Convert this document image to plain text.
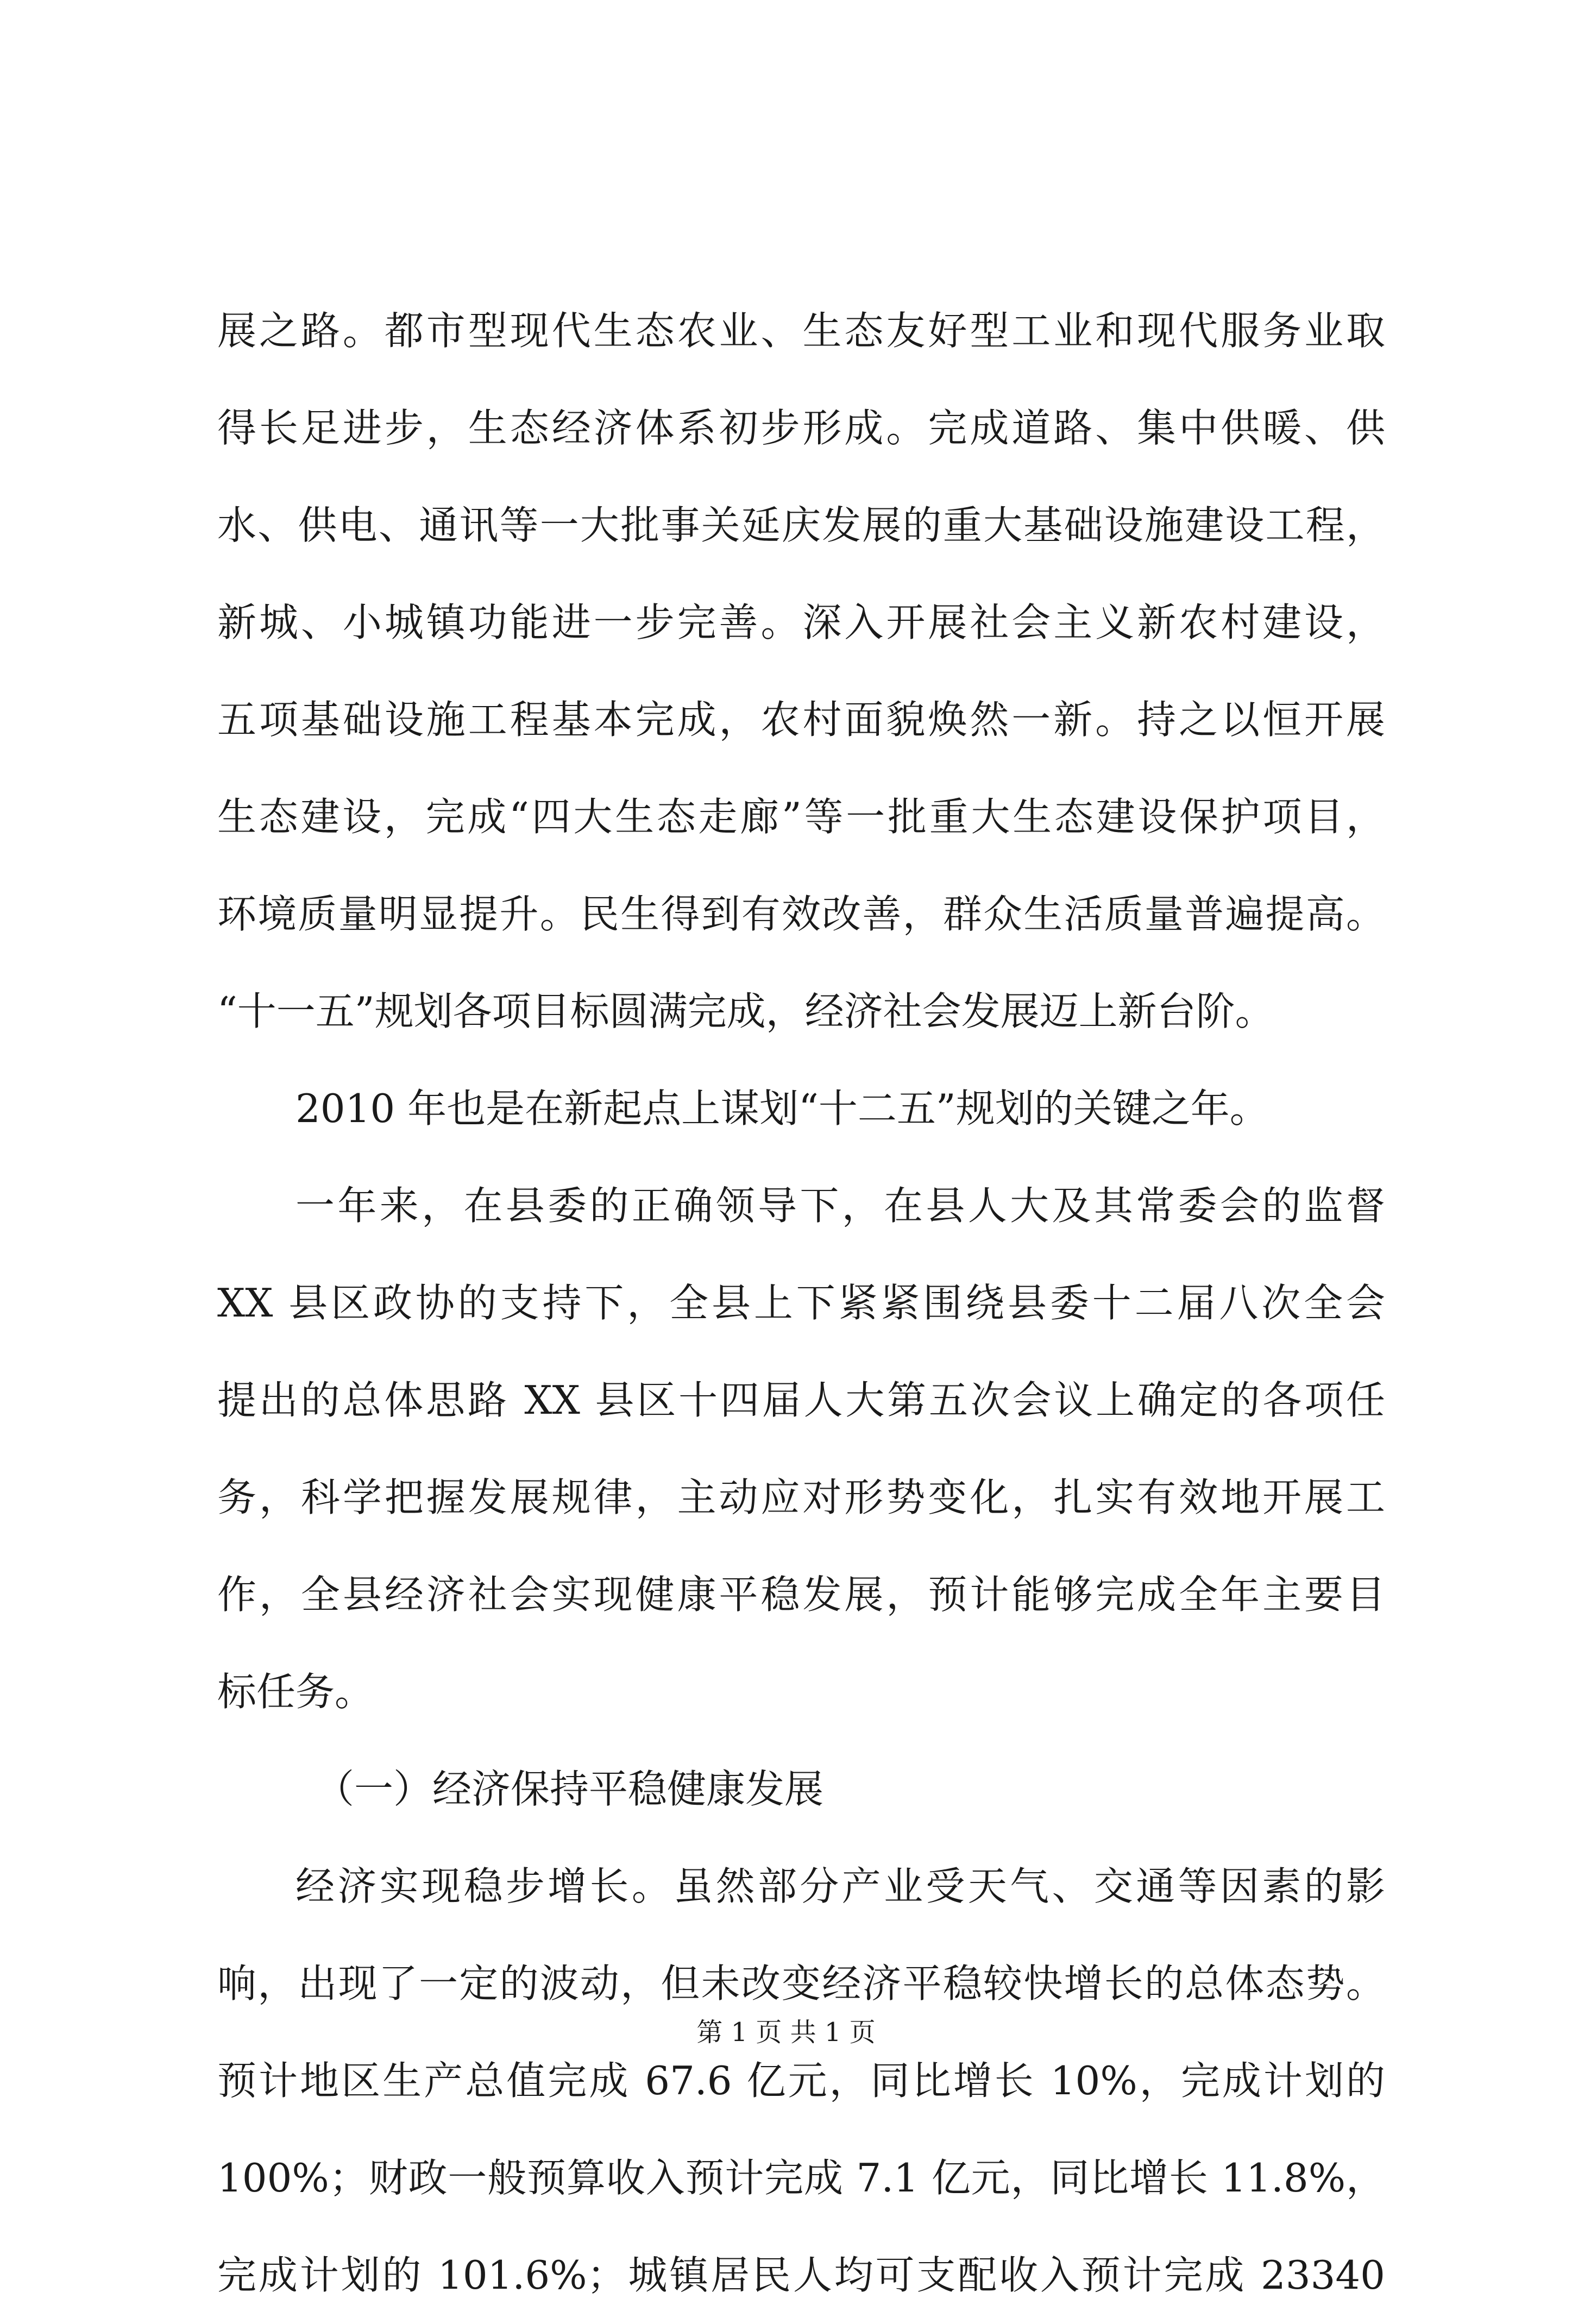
展之路。都市型现代生态农业、生态友好型工业和现代服务业取
得长足进步，生态经济体系初步形成。完成道路、集中供暖、供
水、供电、通讯等一大批事关延庆发展的重大基础设施建设工程，
新城、小城镇功能进一步完善。深入开展社会主义新农村建设，
五项基础设施工程基本完成，农村面貌焕然一新。持之以恒开展
生态建设，完成“四大生态走廊”等一批重大生态建设保护项目，
环境质量明显提升。民生得到有效改善，群众生活质量普遍提高。
“十一五”规划各项目标圆满完成，经济社会发展迈上新台阶。
2010 年也是在新起点上谋划“十二五”规划的关键之年。
一年来，在县委的正确领导下，在县人大及其常委会的监督
XX 县区政协的支持下，全县上下紧紧围绕县委十二届八次全会
提出的总体思路 XX 县区十四届人大第五次会议上确定的各项任
务，科学把握发展规律，主动应对形势变化，扎实有效地开展工
作，全县经济社会实现健康平稳发展，预计能够完成全年主要目
标任务。
（一）经济保持平稳健康发展
经济实现稳步增长。虽然部分产业受天气、交通等因素的影
响，出现了一定的波动，但未改变经济平稳较快增长的总体态势。
预计地区生产总值完成 67.6 亿元，同比增长 10%，完成计划的
100%；财政一般预算收入预计完成 7.1 亿元，同比增长 11.8%，
完成计划的 101.6%；城镇居民人均可支配收入预计完成 23340
第 1 页 共 1 页
